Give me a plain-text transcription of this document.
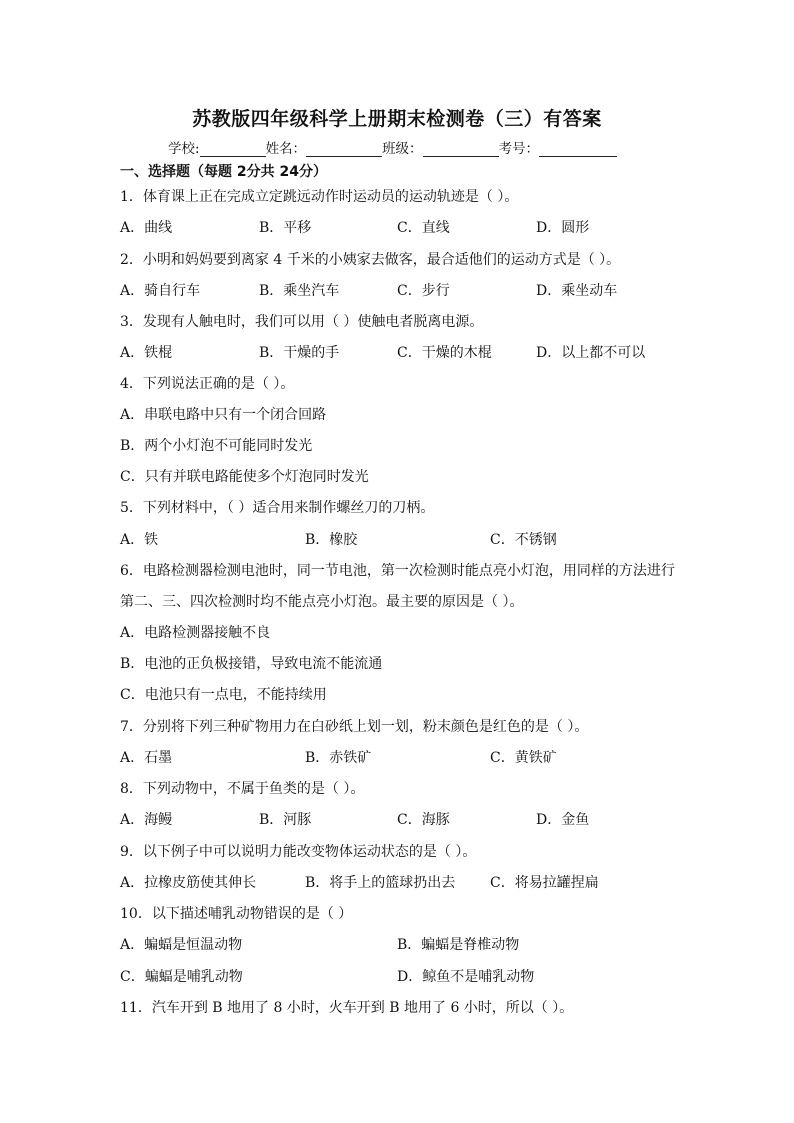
苏教版四年级科学上册期末检测卷（三）有答案
学校:	姓名：	班级：	考号：
一、选择题（每题 2分共 24分）
1．体育课上正在完成立定跳远动作时运动员的运动轨迹是（ ）。
A．曲线	B．平移	C．直线	D．圆形
2．小明和妈妈要到离家 4 千米的小姨家去做客，最合适他们的运动方式是（ ）。
A．骑自行车	B．乘坐汽车	C．步行	D．乘坐动车
3．发现有人触电时，我们可以用（ ）使触电者脱离电源。
A．铁棍	B．干燥的手	C．干燥的木棍	D．以上都不可以
4．下列说法正确的是（ ）。
A．串联电路中只有一个闭合回路
B．两个小灯泡不可能同时发光
C．只有并联电路能使多个灯泡同时发光
5．下列材料中，（ ）适合用来制作螺丝刀的刀柄。
A．铁	B．橡胶	C．不锈钢
6．电路检测器检测电池时，同一节电池，第一次检测时能点亮小灯泡，用同样的方法进行
第二、三、四次检测时均不能点亮小灯泡。最主要的原因是（ ）。
A．电路检测器接触不良
B．电池的正负极接错，导致电流不能流通
C．电池只有一点电，不能持续用
7．分别将下列三种矿物用力在白砂纸上划一划，粉末颜色是红色的是（ ）。
A．石墨	B．赤铁矿	C．黄铁矿
8．下列动物中，不属于鱼类的是（ ）。
A．海鳗	B．河豚	C．海豚	D．金鱼
9．以下例子中可以说明力能改变物体运动状态的是（ ）。
A．拉橡皮筋使其伸长	B．将手上的篮球扔出去 C．将易拉罐捏扁
10．以下描述哺乳动物错误的是（ ）
A．蝙蝠是恒温动物	B．蝙蝠是脊椎动物
C．蝙蝠是哺乳动物	D．鲸鱼不是哺乳动物
11．汽车开到 B 地用了 8 小时，火车开到 B 地用了 6 小时，所以（ ）。
